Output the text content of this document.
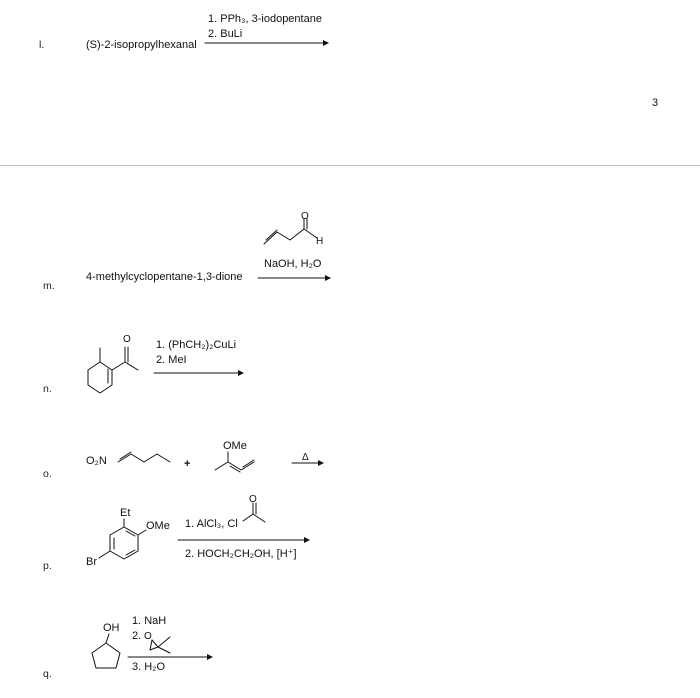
l.	(S)-2-isopropylhexanal
1. PPh₃, 3-iodopentane
2. BuLi
3
m.
4-methylcyclopentane-1,3-dione
O
H
NaOH, H₂O
n.
O 1. (PhCH₂)₂CuLi
2. MeI
o.
O₂N	+
OMe
Δ
p.
Et
OMe
Br
1. AlCl₃, Cl
O
2. HOCH₂CH₂OH, [H⁺]
q.
OH
1. NaH
2. O
3. H₂O
